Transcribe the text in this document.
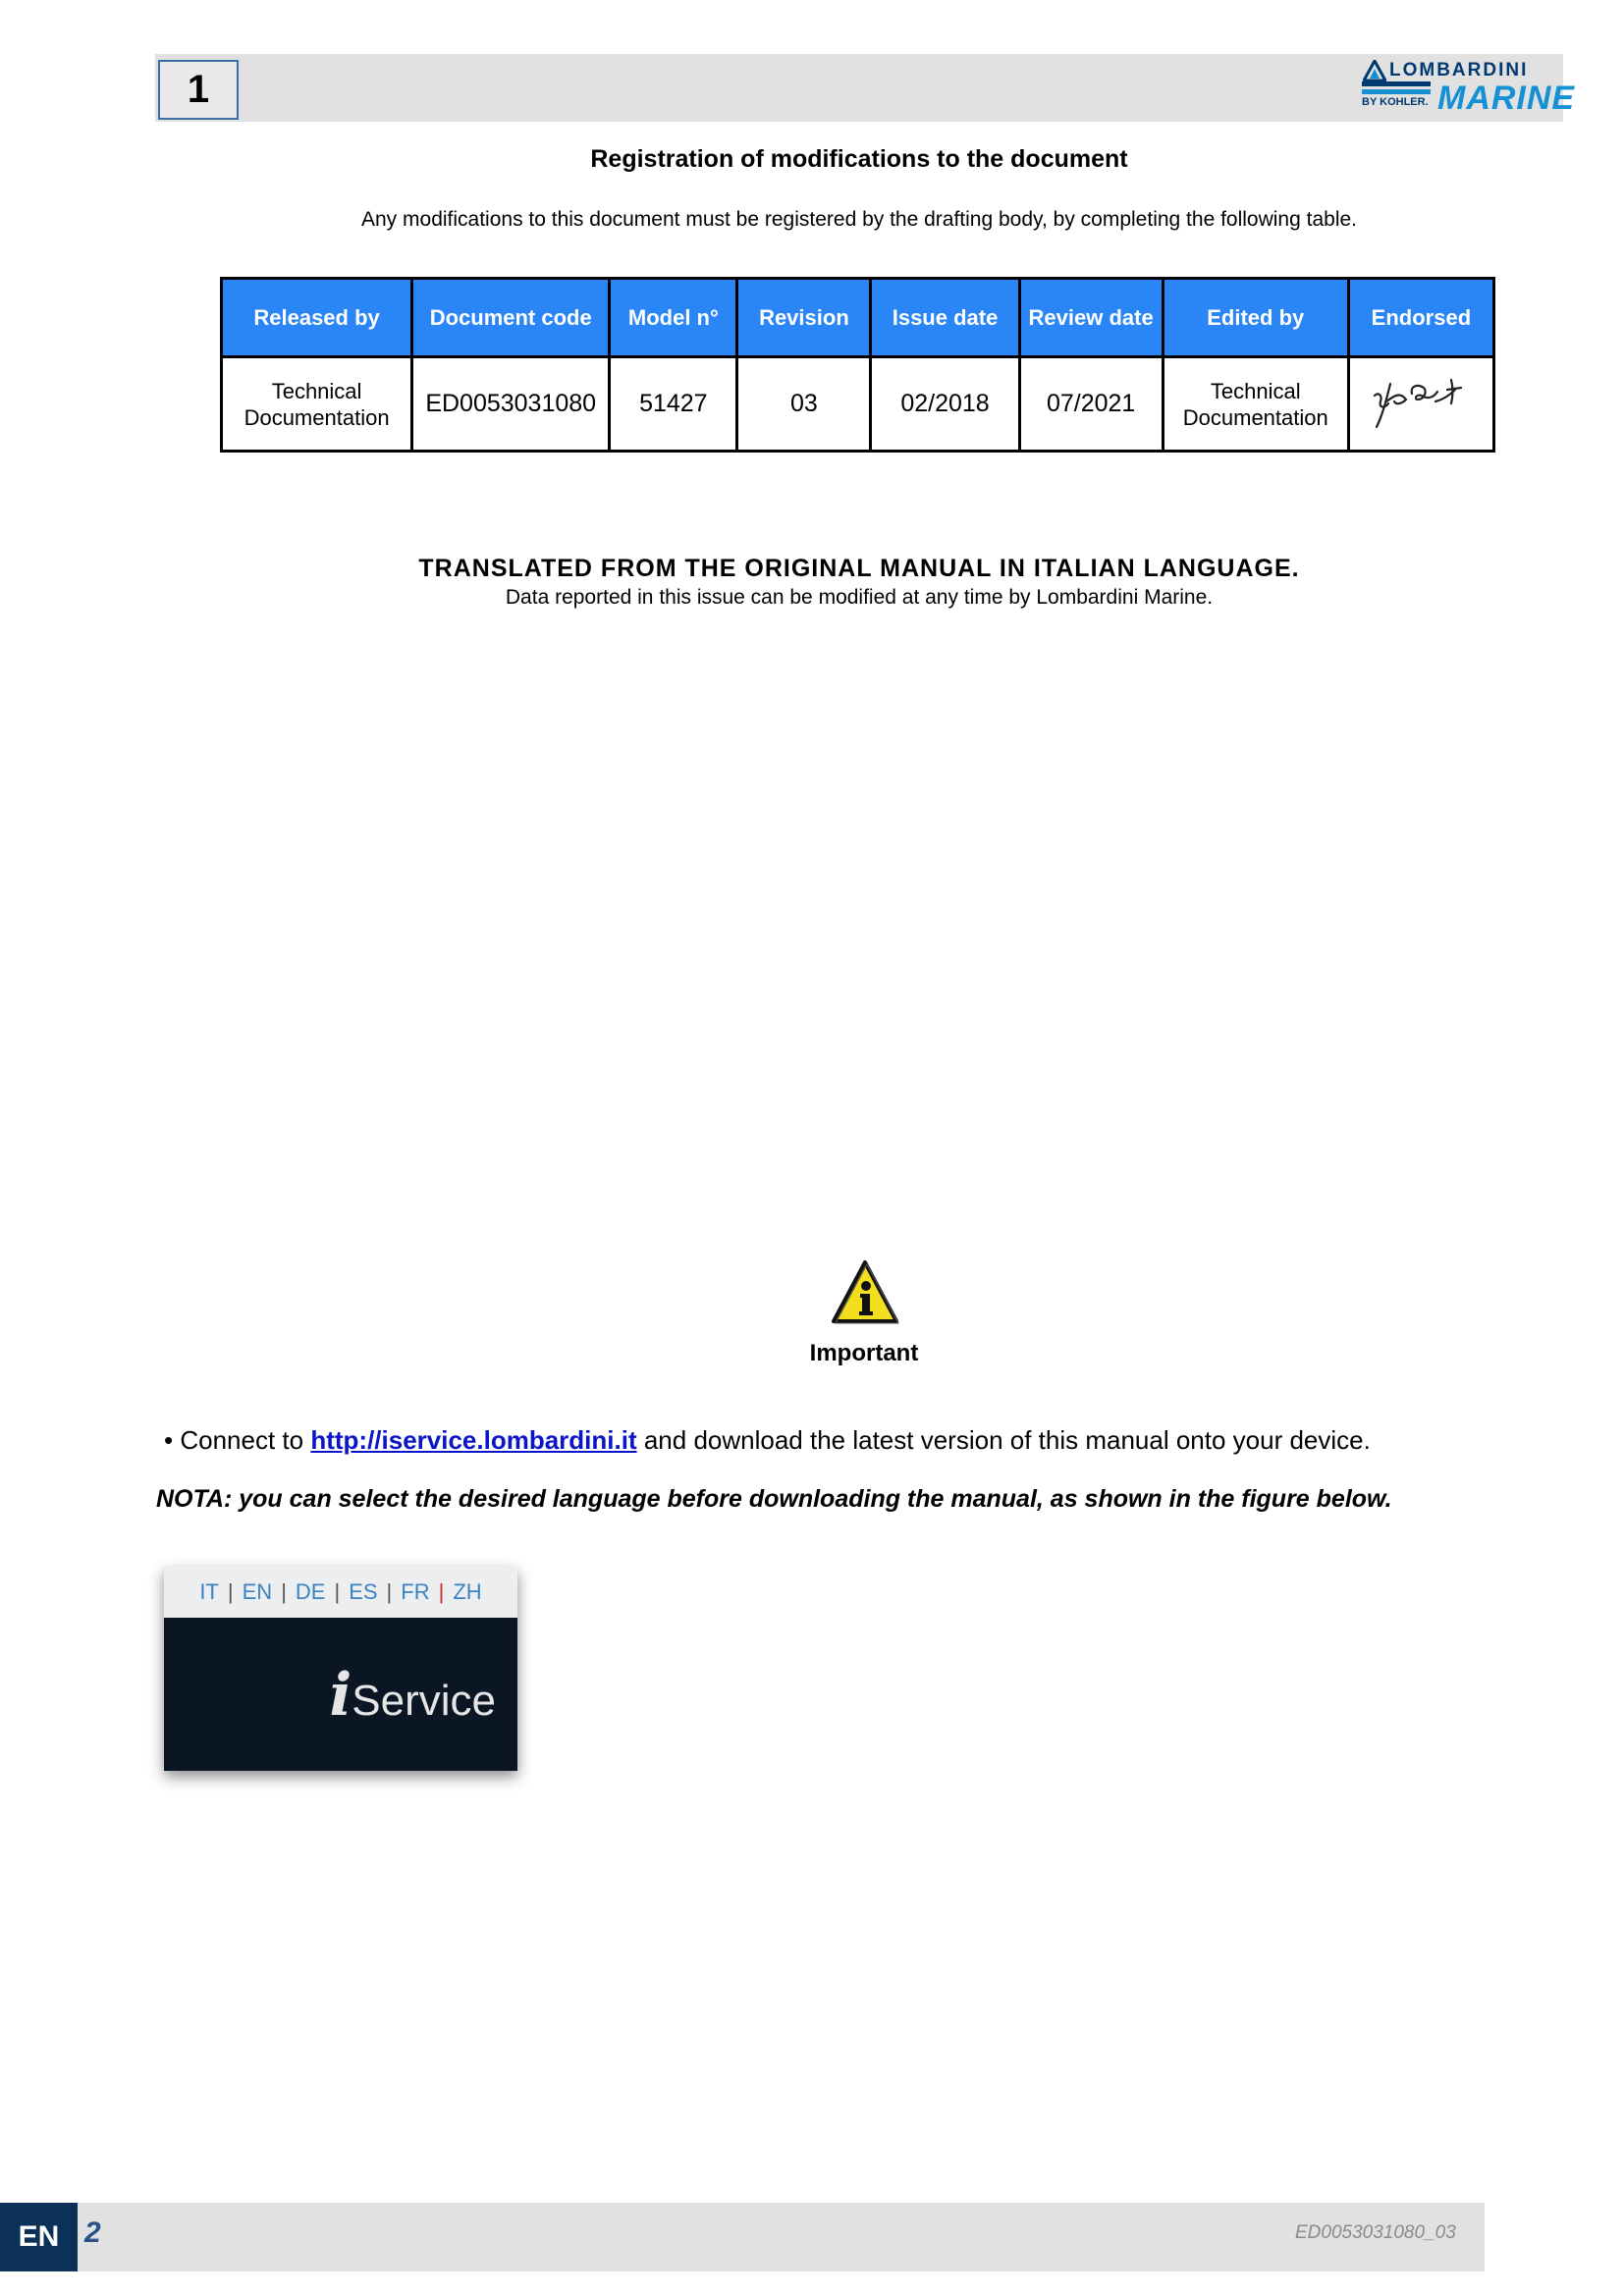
1	LOMBARDINI
BY KOHLER. MARINE
Registration of modifications to the document
Any modifications to this document must be registered by the drafting body, by completing the following table.
Released by	Document code	Model n°	Revision	Issue date	Review date	Edited by	Endorsed
Technical Documentation	ED0053031080	51427	03	02/2018	07/2021	Technical Documentation	
TRANSLATED FROM THE ORIGINAL MANUAL IN ITALIAN LANGUAGE.
Data reported in this issue can be modified at any time by Lombardini Marine.
Important
• Connect to http://iservice.lombardini.it and download the latest version of this manual onto your device.
NOTA: you can select the desired language before downloading the manual, as shown in the figure below.
IT | EN | DE | ES | FR | ZH
iService
EN 2	ED0053031080_03
